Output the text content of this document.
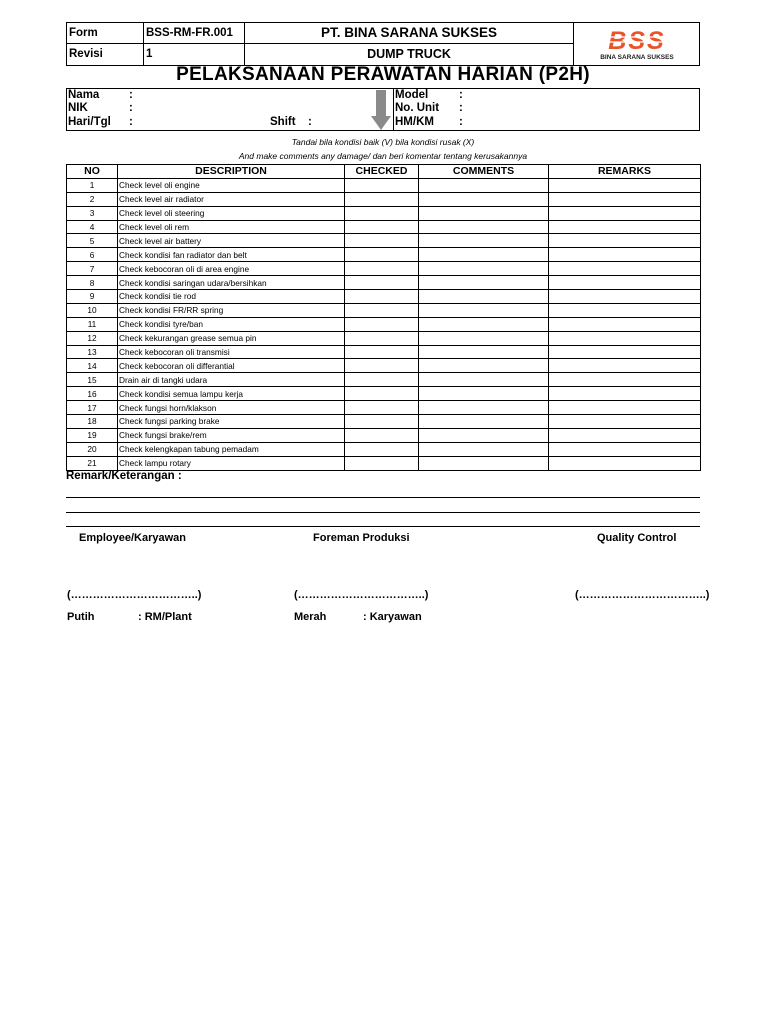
Form	BSS-RM-FR.001
Revisi	1
PT. BINA SARANA SUKSES
DUMP TRUCK	BSS
BINA SARANA SUKSES
PELAKSANAAN PERAWATAN HARIAN (P2H)
Nama	:
NIK	:
Hari/Tgl :	Shift :
Model	:
No. Unit :
HM/KM :
Tandai bila kondisi baik (V) bila kondisi rusak (X)
And make comments any damage/ dan beri komentar tentang kerusakannya
NO	DESCRIPTION	CHECKED	COMMENTS	REMARKS
1	Check level oli engine			
2	Check level air radiator			
3	Check level oli steering			
4	Check level oli rem			
5	Check level air battery			
6	Check kondisi fan radiator dan belt			
7	Check kebocoran oli di area engine			
8	Check kondisi saringan udara/bersihkan			
9	Check kondisi tie rod			
10	Check kondisi FR/RR spring			
11	Check kondisi tyre/ban			
12	Check kekurangan grease semua pin			
13	Check kebocoran oli transmisi			
14	Check kebocoran oli differantial			
15	Drain air di tangki udara			
16	Check kondisi semua lampu kerja			
17	Check fungsi horn/klakson			
18	Check fungsi parking brake			
19	Check fungsi brake/rem			
20	Check kelengkapan tabung pemadam			
21	Check lampu rotary			
Remark/Keterangan :
Employee/Karyawan	Foreman Produksi	Quality Control
(……………………………..)	(……………………………..)	(……………………………..)
Putih	: RM/Plant	Merah	: Karyawan
